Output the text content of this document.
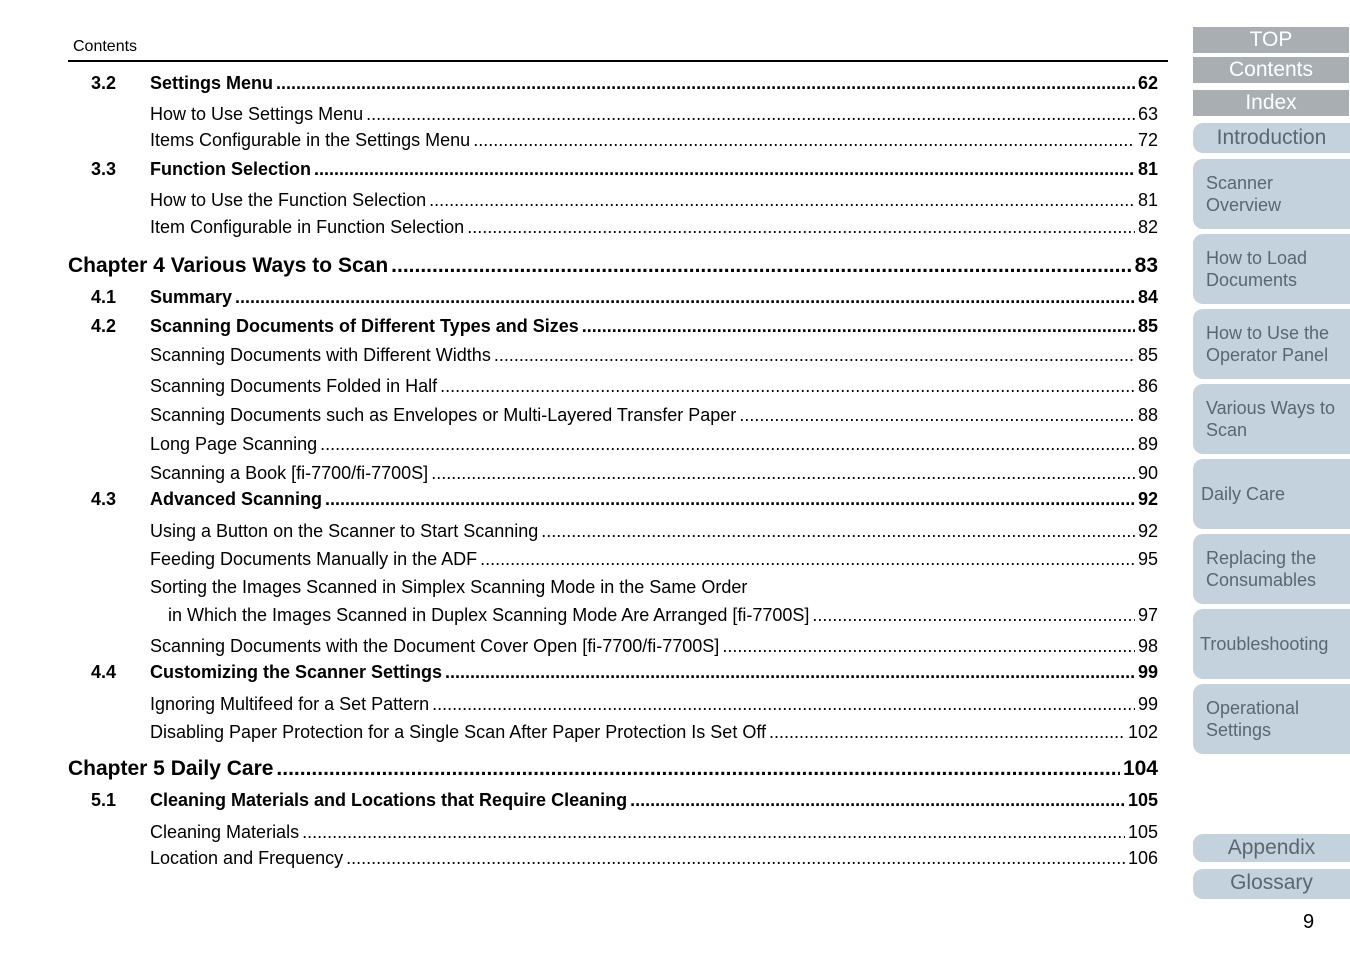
Contents
3.2 Settings Menu .....	62
How to Use Settings Menu .....	63
Items Configurable in the Settings Menu .....	72
3.3 Function Selection .....	81
How to Use the Function Selection .....	81
Item Configurable in Function Selection .....	82
Chapter 4 Various Ways to Scan .....	83
4.1 Summary .....	84
4.2 Scanning Documents of Different Types and Sizes .....	85
Scanning Documents with Different Widths .....	85
Scanning Documents Folded in Half .....	86
Scanning Documents such as Envelopes or Multi-Layered Transfer Paper .....	88
Long Page Scanning .....	89
Scanning a Book [fi-7700/fi-7700S] .....	90
4.3 Advanced Scanning .....	92
Using a Button on the Scanner to Start Scanning .....	92
Feeding Documents Manually in the ADF .....	95
Sorting the Images Scanned in Simplex Scanning Mode in the Same Order
in Which the Images Scanned in Duplex Scanning Mode Are Arranged [fi-7700S] .....	97
Scanning Documents with the Document Cover Open [fi-7700/fi-7700S] .....	98
4.4 Customizing the Scanner Settings .....	99
Ignoring Multifeed for a Set Pattern .....	99
Disabling Paper Protection for a Single Scan After Paper Protection Is Set Off .....	102
Chapter 5 Daily Care .....	104
5.1 Cleaning Materials and Locations that Require Cleaning .....	105
Cleaning Materials .....	105
Location and Frequency .....	106
TOP
Contents
Index
Introduction
Scanner
Overview
How to Load
Documents
How to Use the
Operator Panel
Various Ways to
Scan
Daily Care
Replacing the
Consumables
Troubleshooting
Operational
Settings
Appendix
Glossary
9
